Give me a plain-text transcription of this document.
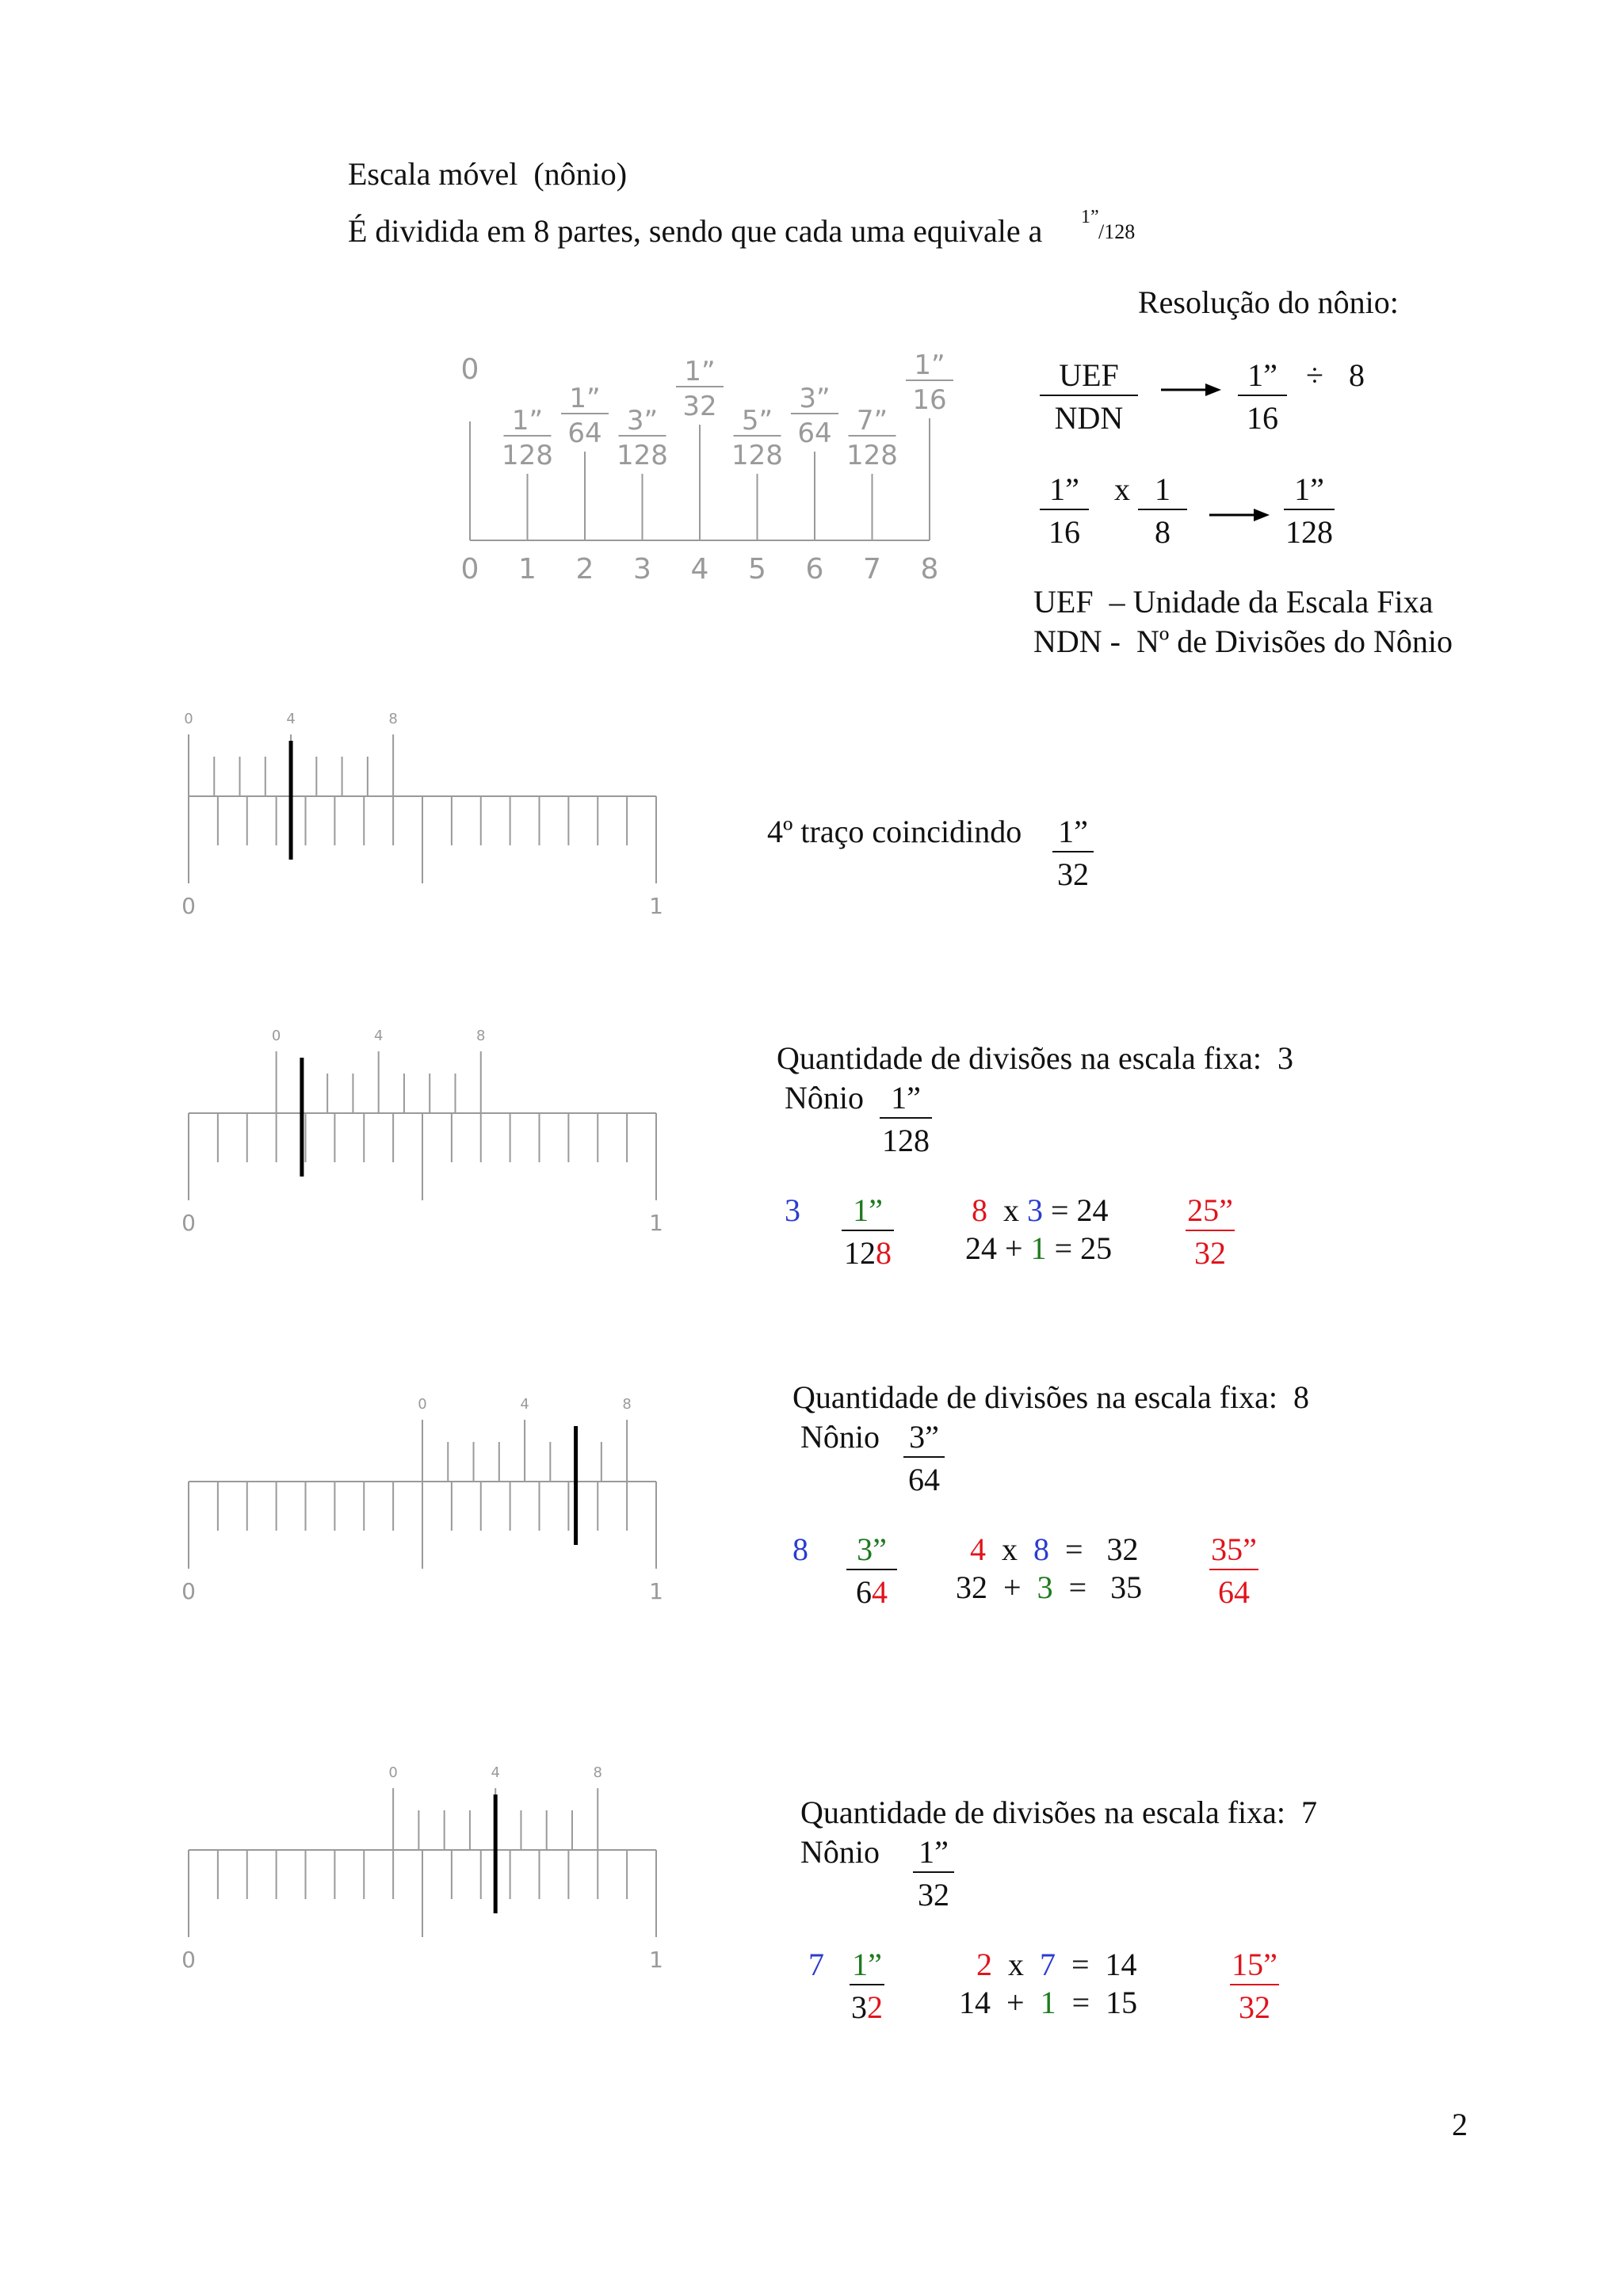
Escala móvel  (nônio)
É dividida em 8 partes, sendo que cada uma equivale a 1”
/128
Resolução do nônio:
UEF
NDN	$\frac{1”}{16} \div 8$
$\frac{1”}{16}$ x $\frac{1}{8}$	$\frac{1”}{128}$
UEF  – Unidade da Escala Fixa
NDN -  Nº de Divisões do Nônio
0
1”
128
1”
64 3”
128
1”
32 5”
128
3”
64 7”
128
1”
16
0 1 2 3 4 5 6 7 8
0	1
0	4	8
0	1
0	4	8
0	1
0	4	8
0	1
0	4	8
4º traço coincidindo $\frac{1”}{32}$
Quantidade de divisões na escala fixa:  3
Nônio $\frac{1”}{128}$
$3 \frac{1”}{128} 8$ x 3 = 24
$24 + 1 = 25 \frac{25”}{32}$
Quantidade de divisões na escala fixa:  8
Nônio $\frac{3”}{64}$
$8 \frac{3”}{64} 4$ x 8 =   32
$32 + 3 = 35 \frac{35”}{64}$
Quantidade de divisões na escala fixa:  7
Nônio $\frac{1”}{32}$
$7 \frac{1”}{32}$	2 x 7 =  14
14  + 1 =  15	$\frac{15”}{32}$
2
